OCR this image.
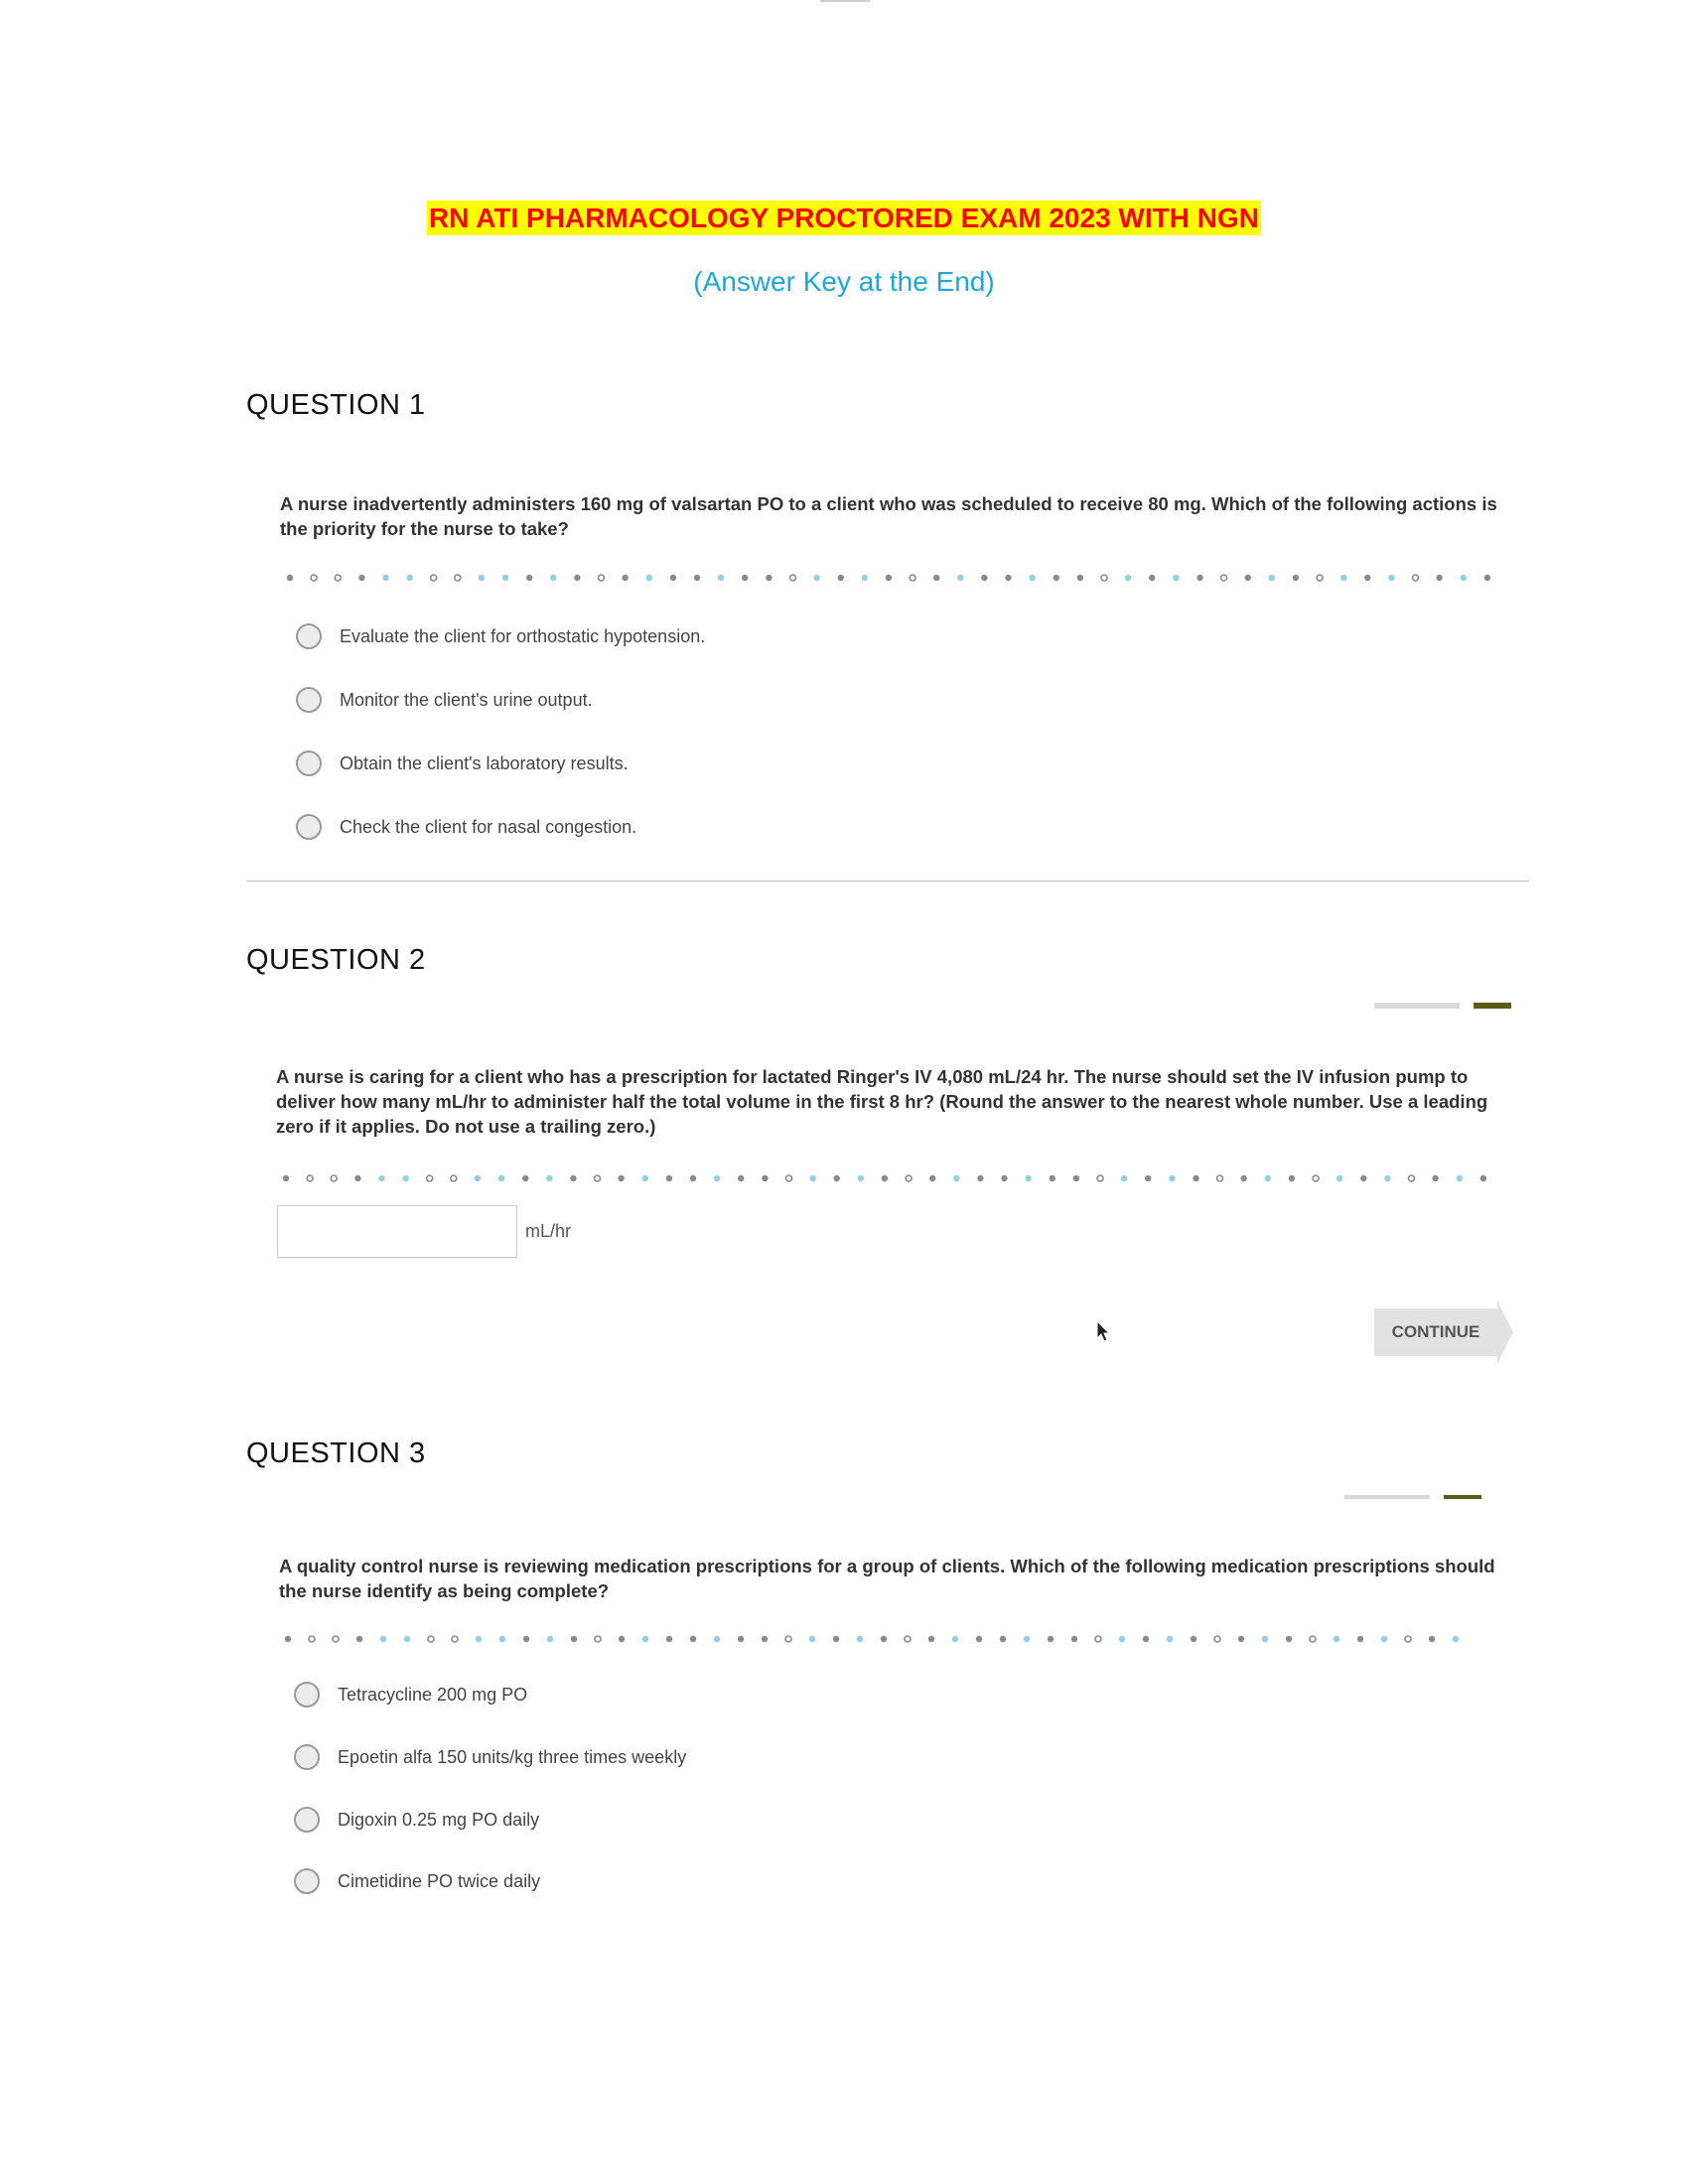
RN ATI PHARMACOLOGY PROCTORED EXAM 2023 WITH NGN
(Answer Key at the End)
QUESTION 1
A nurse inadvertently administers 160 mg of valsartan PO to a client who was scheduled to receive 80 mg. Which of the following actions is the priority for the nurse to take?
Evaluate the client for orthostatic hypotension.
Monitor the client's urine output.
Obtain the client's laboratory results.
Check the client for nasal congestion.
QUESTION 2
A nurse is caring for a client who has a prescription for lactated Ringer's IV 4,080 mL/24 hr. The nurse should set the IV infusion pump to deliver how many mL/hr to administer half the total volume in the first 8 hr? (Round the answer to the nearest whole number. Use a leading zero if it applies. Do not use a trailing zero.)
mL/hr
CONTINUE
QUESTION 3
A quality control nurse is reviewing medication prescriptions for a group of clients. Which of the following medication prescriptions should the nurse identify as being complete?
Tetracycline 200 mg PO
Epoetin alfa 150 units/kg three times weekly
Digoxin 0.25 mg PO daily
Cimetidine PO twice daily
